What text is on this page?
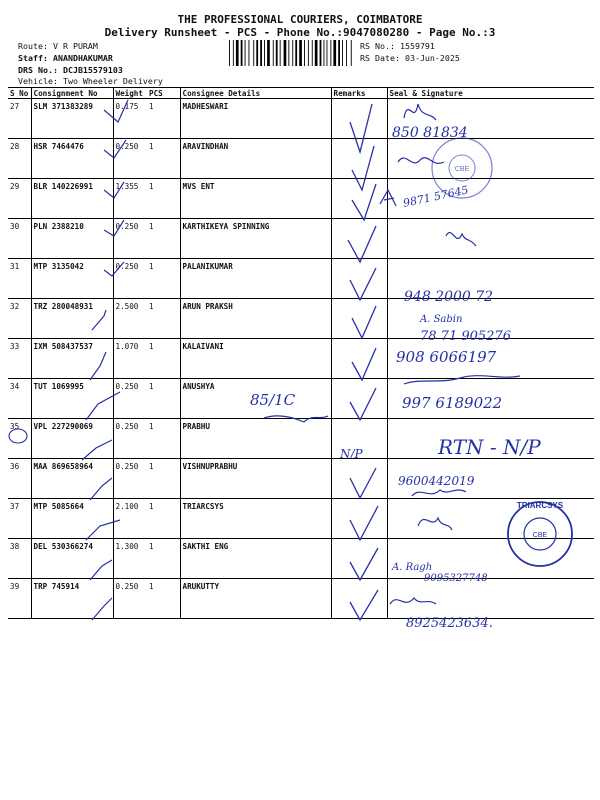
THE PROFESSIONAL COURIERS, COIMBATORE
Delivery Runsheet - PCS - Phone No.:9047080280 - Page No.:3
Route: V R PURAM
Staff: ANANDHAKUMAR
DRS No.: DCJB15579103
Vehicle: Two Wheeler Delivery
RS No.: 1559791
RS Date: 03-Jun-2025
S No	Consignment No	Weight	PCS	Consignee Details	Remarks	Seal & Signature
27	SLM 371383289	0.175	1	MADHESWARI		
28	HSR 7464476	0.250	1	ARAVINDHAN		
29	BLR 140226991	1.355	1	MVS ENT		
30	PLN 2388210	0.250	1	KARTHIKEYA SPINNING		
31	MTP 3135042	0.250	1	PALANIKUMAR		
32	TRZ 280048931	2.500	1	ARUN PRAKSH		
33	IXM 508437537	1.070	1	KALAIVANI		
34	TUT 1069995	0.250	1	ANUSHYA		
35	VPL 227290069	0.250	1	PRABHU		
36	MAA 869658964	0.250	1	VISHNUPRABHU		
37	MTP 5085664	2.100	1	TRIARCSYS		
38	DEL 530366274	1.300	1	SAKTHI ENG		
39	TRP 745914	0.250	1	ARUKUTTY		
CBE
TRIARCSYS
CBE
850 81834
9871 57645
948 2000 72
A. Sabin
78 71 905276
908 6066197
85/1C	997 6189022
N/P	RTN - N/P
9600442019
A. Ragh
9095327748
8925423634.
